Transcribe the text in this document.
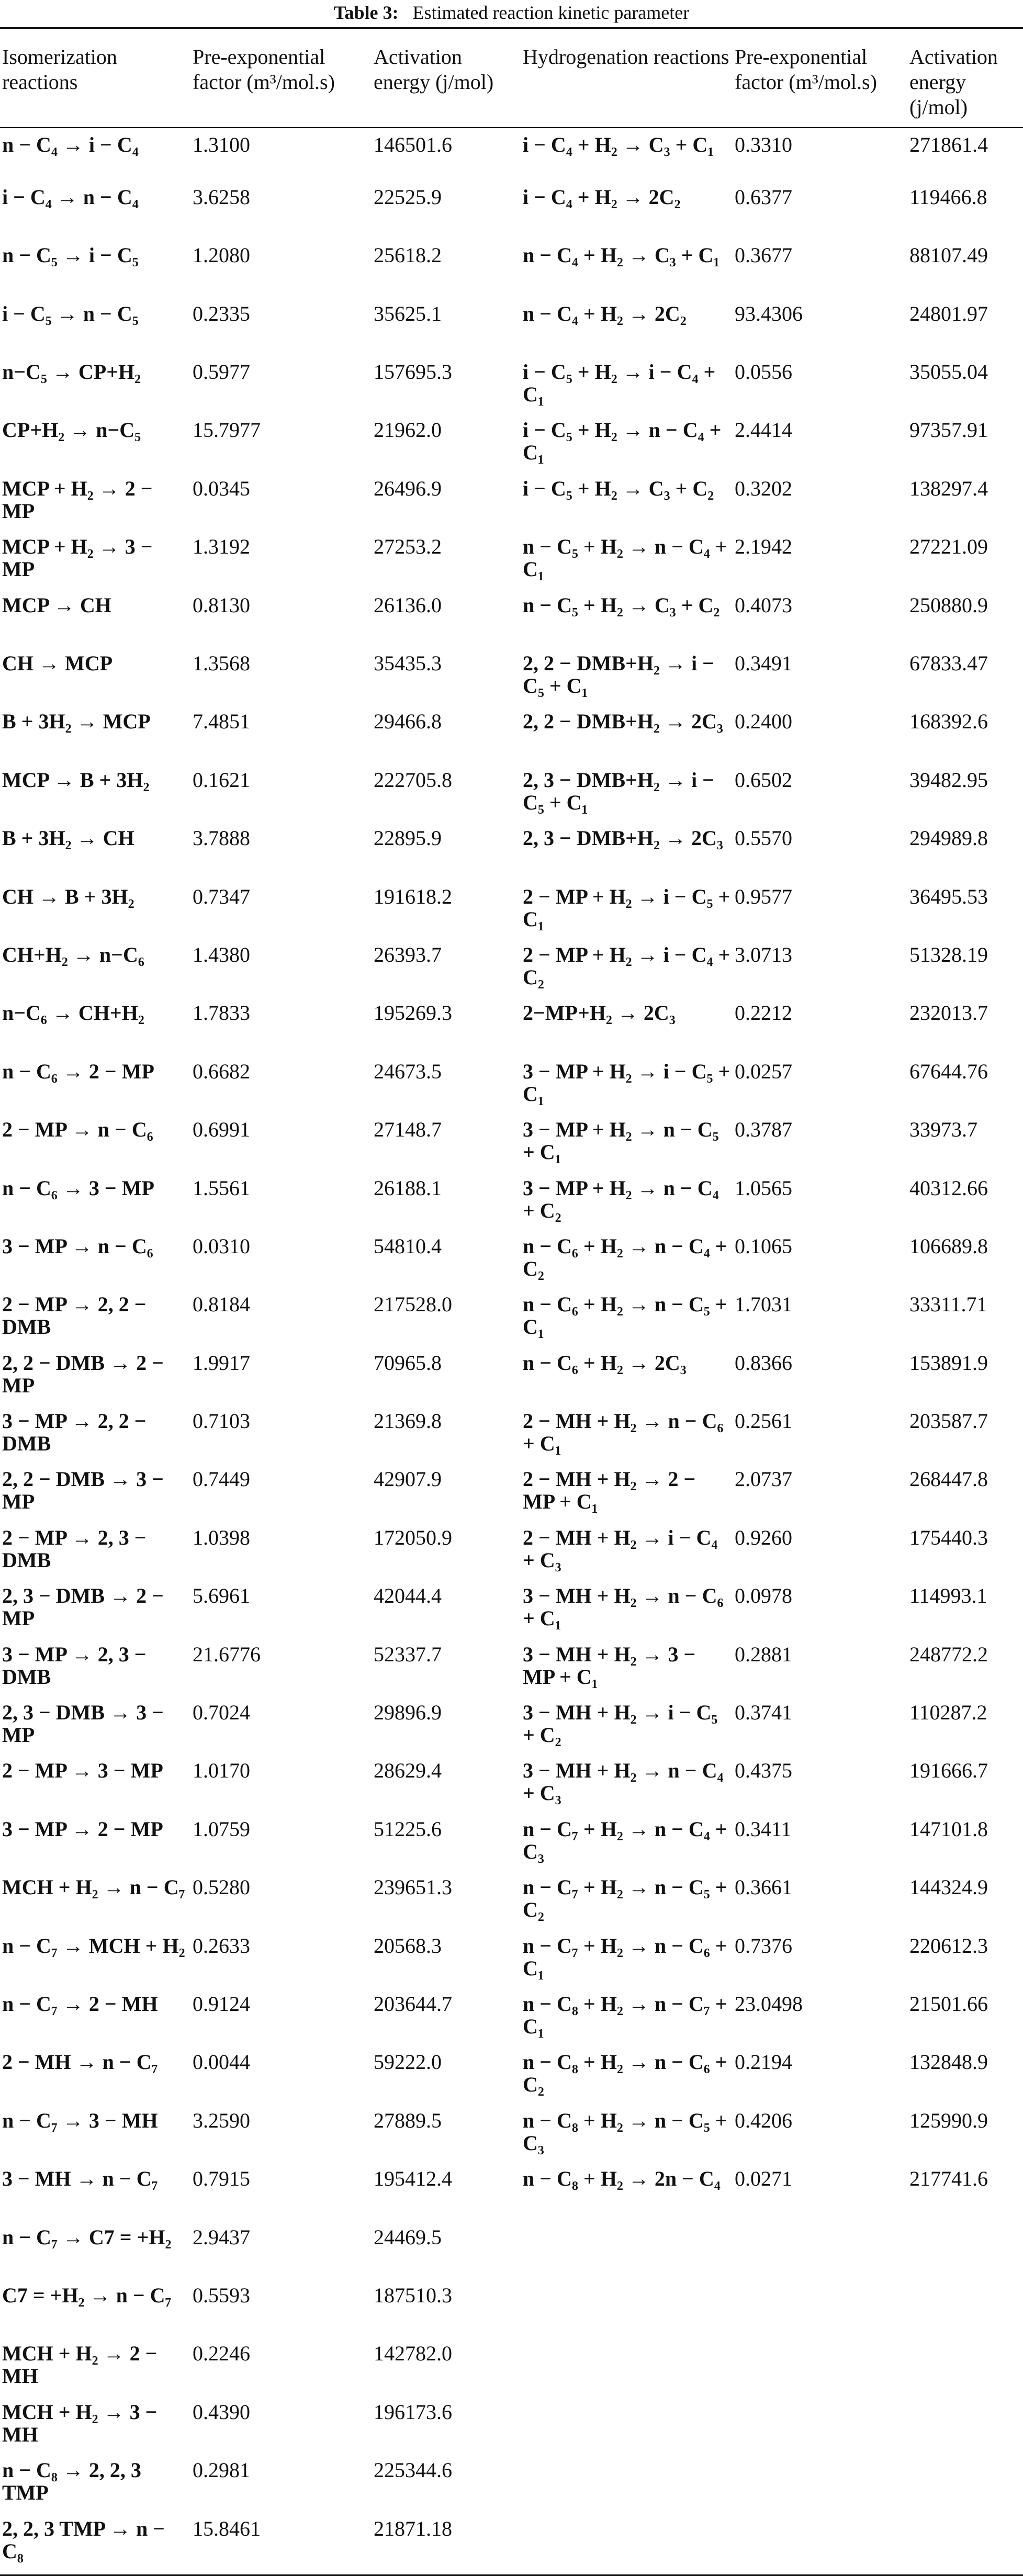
Table 3: Estimated reaction kinetic parameter
Isomerization reactions	Pre-exponential factor (m³/mol.s)	Activation energy (j/mol)	Hydrogenation reactions	Pre-exponential factor (m³/mol.s)	Activation energy (j/mol)
n − C₄ → i − C₄	1.3100	146501.6	i − C₄ + H₂ → C₃ + C₁	0.3310	271861.4
i − C₄ → n − C₄	3.6258	22525.9	i − C₄ + H₂ → 2C₂	0.6377	119466.8
n − C₅ → i − C₅	1.2080	25618.2	n − C₄ + H₂ → C₃ + C₁	0.3677	88107.49
i − C₅ → n − C₅	0.2335	35625.1	n − C₄ + H₂ → 2C₂	93.4306	24801.97
n−C₅ → CP+H₂	0.5977	157695.3	i − C₅ + H₂ → i − C₄ + C₁	0.0556	35055.04
CP+H₂ → n−C₅	15.7977	21962.0	i − C₅ + H₂ → n − C₄ + C₁	2.4414	97357.91
MCP + H₂ → 2 − MP	0.0345	26496.9	i − C₅ + H₂ → C₃ + C₂	0.3202	138297.4
MCP + H₂ → 3 − MP	1.3192	27253.2	n − C₅ + H₂ → n − C₄ + C₁	2.1942	27221.09
MCP → CH	0.8130	26136.0	n − C₅ + H₂ → C₃ + C₂	0.4073	250880.9
CH → MCP	1.3568	35435.3	2, 2 − DMB+H₂ → i − C₅ + C₁	0.3491	67833.47
B + 3H₂ → MCP	7.4851	29466.8	2, 2 − DMB+H₂ → 2C₃	0.2400	168392.6
MCP → B + 3H₂	0.1621	222705.8	2, 3 − DMB+H₂ → i − C₅ + C₁	0.6502	39482.95
B + 3H₂ → CH	3.7888	22895.9	2, 3 − DMB+H₂ → 2C₃	0.5570	294989.8
CH → B + 3H₂	0.7347	191618.2	2 − MP + H₂ → i − C₅ + C₁	0.9577	36495.53
CH+H₂ → n−C₆	1.4380	26393.7	2 − MP + H₂ → i − C₄ + C₂	3.0713	51328.19
n−C₆ → CH+H₂	1.7833	195269.3	2−MP+H₂ → 2C₃	0.2212	232013.7
n − C₆ → 2 − MP	0.6682	24673.5	3 − MP + H₂ → i − C₅ + C₁	0.0257	67644.76
2 − MP → n − C₆	0.6991	27148.7	3 − MP + H₂ → n − C₅ + C₁	0.3787	33973.7
n − C₆ → 3 − MP	1.5561	26188.1	3 − MP + H₂ → n − C₄ + C₂	1.0565	40312.66
3 − MP → n − C₆	0.0310	54810.4	n − C₆ + H₂ → n − C₄ + C₂	0.1065	106689.8
2 − MP → 2, 2 − DMB	0.8184	217528.0	n − C₆ + H₂ → n − C₅ + C₁	1.7031	33311.71
2, 2 − DMB → 2 − MP	1.9917	70965.8	n − C₆ + H₂ → 2C₃	0.8366	153891.9
3 − MP → 2, 2 − DMB	0.7103	21369.8	2 − MH + H₂ → n − C₆ + C₁	0.2561	203587.7
2, 2 − DMB → 3 − MP	0.7449	42907.9	2 − MH + H₂ → 2 − MP + C₁	2.0737	268447.8
2 − MP → 2, 3 − DMB	1.0398	172050.9	2 − MH + H₂ → i − C₄ + C₃	0.9260	175440.3
2, 3 − DMB → 2 − MP	5.6961	42044.4	3 − MH + H₂ → n − C₆ + C₁	0.0978	114993.1
3 − MP → 2, 3 − DMB	21.6776	52337.7	3 − MH + H₂ → 3 − MP + C₁	0.2881	248772.2
2, 3 − DMB → 3 − MP	0.7024	29896.9	3 − MH + H₂ → i − C₅ + C₂	0.3741	110287.2
2 − MP → 3 − MP	1.0170	28629.4	3 − MH + H₂ → n − C₄ + C₃	0.4375	191666.7
3 − MP → 2 − MP	1.0759	51225.6	n − C₇ + H₂ → n − C₄ + C₃	0.3411	147101.8
MCH + H₂ → n − C₇	0.5280	239651.3	n − C₇ + H₂ → n − C₅ + C₂	0.3661	144324.9
n − C₇ → MCH + H₂	0.2633	20568.3	n − C₇ + H₂ → n − C₆ + C₁	0.7376	220612.3
n − C₇ → 2 − MH	0.9124	203644.7	n − C₈ + H₂ → n − C₇ + C₁	23.0498	21501.66
2 − MH → n − C₇	0.0044	59222.0	n − C₈ + H₂ → n − C₆ + C₂	0.2194	132848.9
n − C₇ → 3 − MH	3.2590	27889.5	n − C₈ + H₂ → n − C₅ + C₃	0.4206	125990.9
3 − MH → n − C₇	0.7915	195412.4	n − C₈ + H₂ → 2n − C₄	0.0271	217741.6
n − C₇ → C7 = +H₂	2.9437	24469.5			
C7 = +H₂ → n − C₇	0.5593	187510.3			
MCH + H₂ → 2 − MH	0.2246	142782.0			
MCH + H₂ → 3 − MH	0.4390	196173.6			
n − C₈ → 2, 2, 3 TMP	0.2981	225344.6			
2, 2, 3 TMP → n − C₈	15.8461	21871.18			
